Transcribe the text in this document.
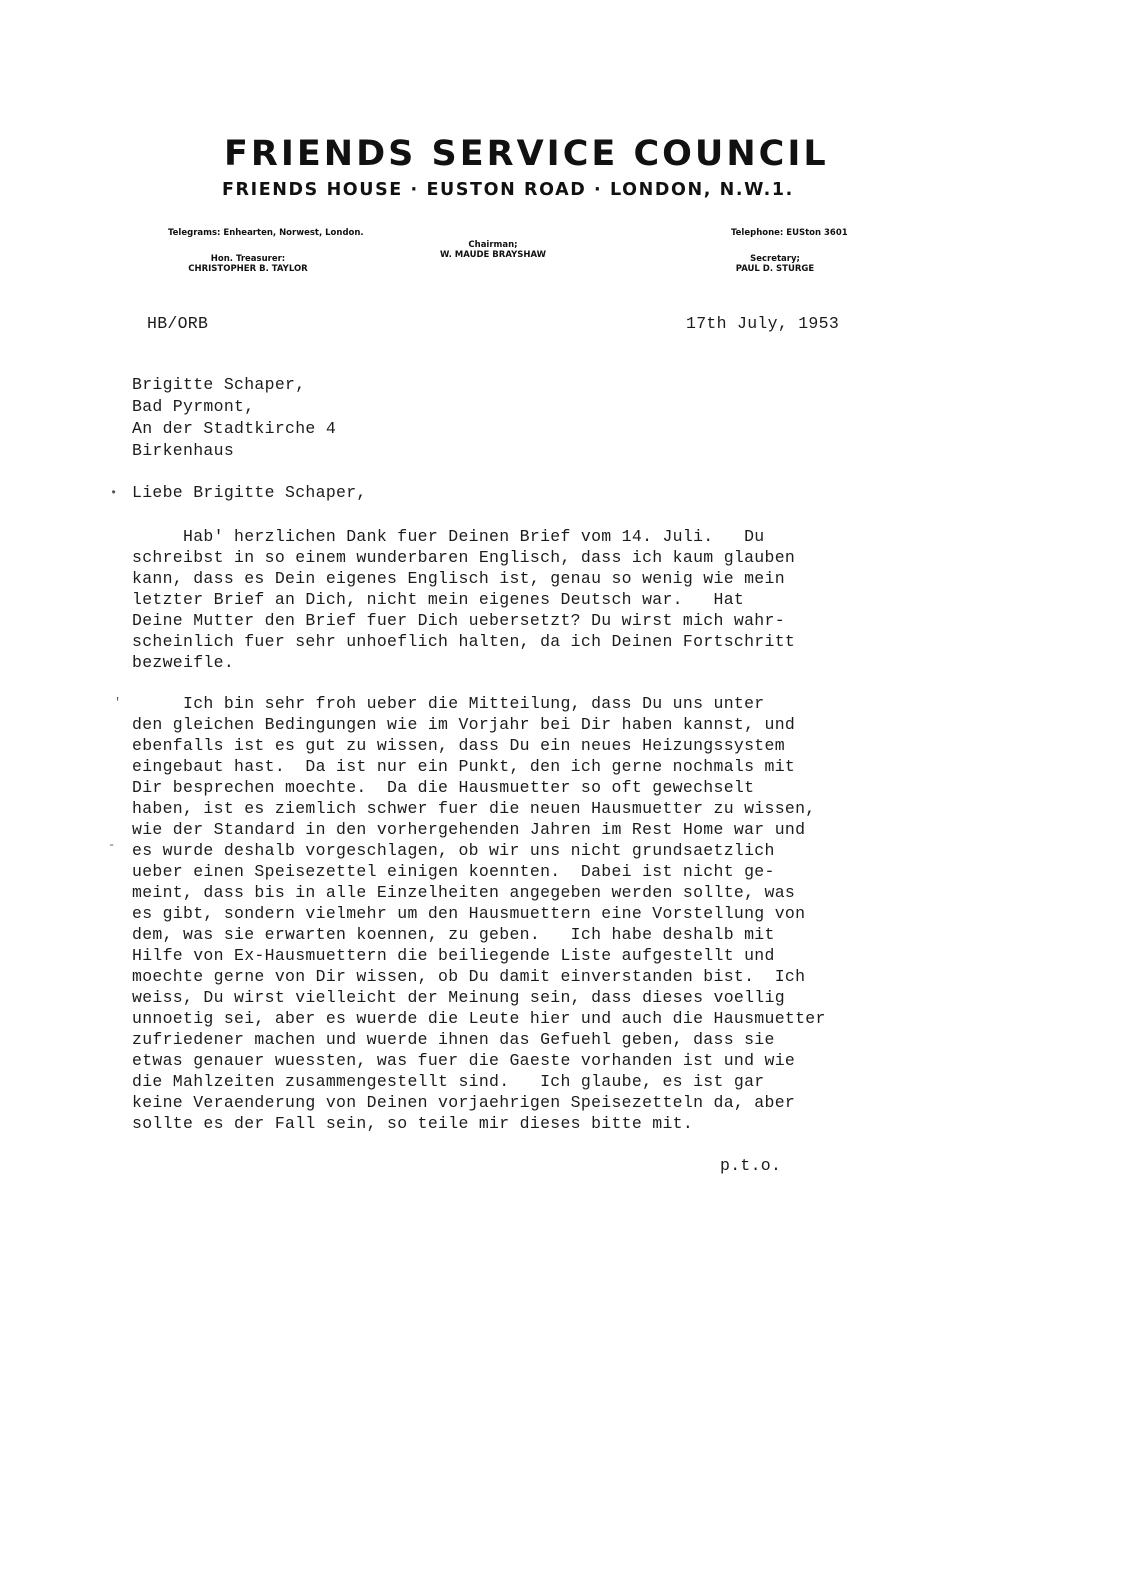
FRIENDS SERVICE COUNCIL
FRIENDS HOUSE · EUSTON ROAD · LONDON, N.W.1.
Telegrams: Enhearten, Norwest, London.	Telephone: EUSton 3601
Hon. Treasurer:
CHRISTOPHER B. TAYLOR
Chairman;
W. MAUDE BRAYSHAW	Secretary;
PAUL D. STURGE
HB/ORB	17th July, 1953
Brigitte Schaper,
Bad Pyrmont,
An der Stadtkirche 4
Birkenhaus
• Liebe Brigitte Schaper,
Hab' herzlichen Dank fuer Deinen Brief vom 14. Juli.   Du
schreibst in so einem wunderbaren Englisch, dass ich kaum glauben
kann, dass es Dein eigenes Englisch ist, genau so wenig wie mein
letzter Brief an Dich, nicht mein eigenes Deutsch war.   Hat
Deine Mutter den Brief fuer Dich uebersetzt? Du wirst mich wahr-
scheinlich fuer sehr unhoeflich halten, da ich Deinen Fortschritt
bezweifle.
Ich bin sehr froh ueber die Mitteilung, dass Du uns unter
den gleichen Bedingungen wie im Vorjahr bei Dir haben kannst, und
ebenfalls ist es gut zu wissen, dass Du ein neues Heizungssystem
eingebaut hast.  Da ist nur ein Punkt, den ich gerne nochmals mit
Dir besprechen moechte.  Da die Hausmuetter so oft gewechselt
haben, ist es ziemlich schwer fuer die neuen Hausmuetter zu wissen,
wie der Standard in den vorhergehenden Jahren im Rest Home war und
es wurde deshalb vorgeschlagen, ob wir uns nicht grundsaetzlich
ueber einen Speisezettel einigen koennten.  Dabei ist nicht ge-
meint, dass bis in alle Einzelheiten angegeben werden sollte, was
es gibt, sondern vielmehr um den Hausmuettern eine Vorstellung von
dem, was sie erwarten koennen, zu geben.   Ich habe deshalb mit
Hilfe von Ex-Hausmuettern die beiliegende Liste aufgestellt und
moechte gerne von Dir wissen, ob Du damit einverstanden bist.  Ich
weiss, Du wirst vielleicht der Meinung sein, dass dieses voellig
unnoetig sei, aber es wuerde die Leute hier und auch die Hausmuetter
zufriedener machen und wuerde ihnen das Gefuehl geben, dass sie
etwas genauer wuessten, was fuer die Gaeste vorhanden ist und wie
die Mahlzeiten zusammengestellt sind.   Ich glaube, es ist gar
keine Veraenderung von Deinen vorjaehrigen Speisezetteln da, aber
sollte es der Fall sein, so teile mir dieses bitte mit.
'
-
p.t.o.
